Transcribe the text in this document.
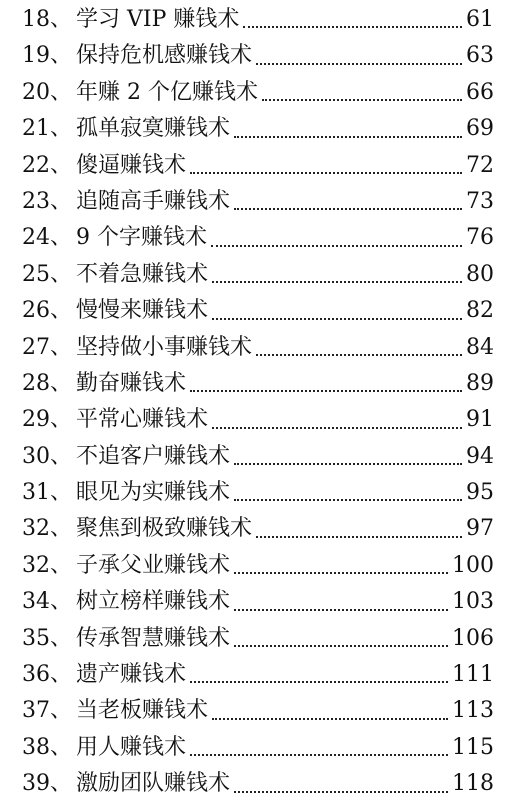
18、 学习 VIP 赚钱术	61
19、 保持危机感赚钱术	63
20、 年赚 2 个亿赚钱术	66
21、 孤单寂寞赚钱术	69
22、 傻逼赚钱术	72
23、 追随高手赚钱术	73
24、 9 个字赚钱术	76
25、 不着急赚钱术	80
26、 慢慢来赚钱术	82
27、 坚持做小事赚钱术	84
28、 勤奋赚钱术	89
29、 平常心赚钱术	91
30、 不追客户赚钱术	94
31、 眼见为实赚钱术	95
32、 聚焦到极致赚钱术	97
32、 子承父业赚钱术	100
34、 树立榜样赚钱术	103
35、 传承智慧赚钱术	106
36、 遗产赚钱术	111
37、 当老板赚钱术	113
38、 用人赚钱术	115
39、 激励团队赚钱术	118
